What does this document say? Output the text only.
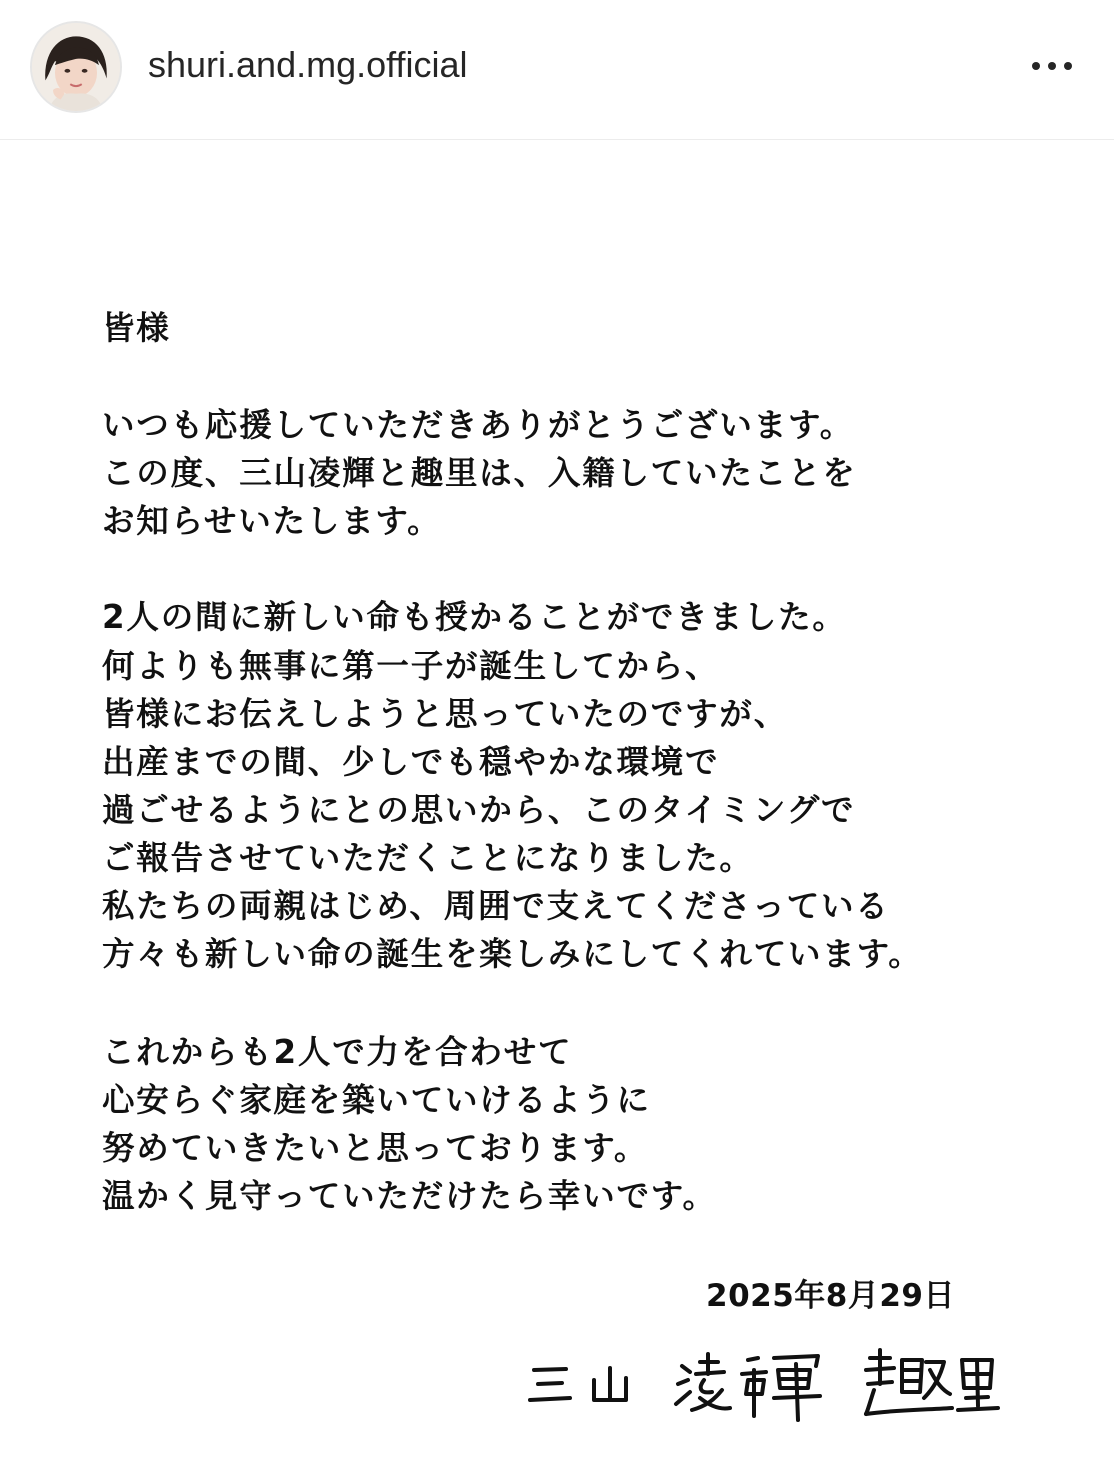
shuri.and.mg.official
皆様
いつも応援していただきありがとうございます。
この度、三山凌輝と趣里は、入籍していたことを
お知らせいたします。
2人の間に新しい命も授かることができました。
何よりも無事に第一子が誕生してから、
皆様にお伝えしようと思っていたのですが、
出産までの間、少しでも穏やかな環境で
過ごせるようにとの思いから、このタイミングで
ご報告させていただくことになりました。
私たちの両親はじめ、周囲で支えてくださっている
方々も新しい命の誕生を楽しみにしてくれています。
これからも2人で力を合わせて
心安らぐ家庭を築いていけるように
努めていきたいと思っております。
温かく見守っていただけたら幸いです。
2025年8月29日
